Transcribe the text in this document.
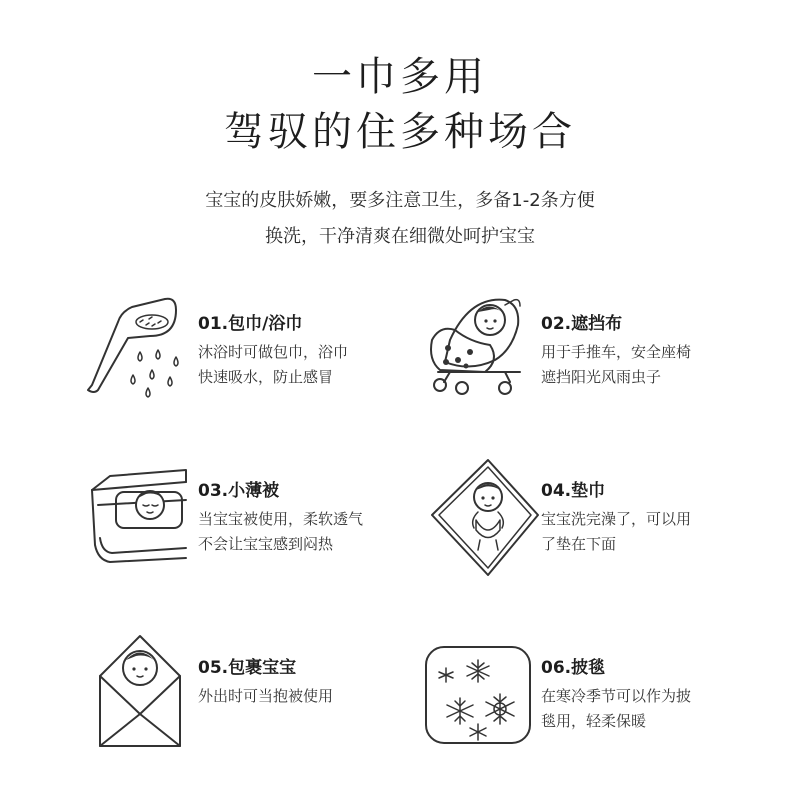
一巾多用
驾驭的住多种场合
宝宝的皮肤娇嫩，要多注意卫生，多备1-2条方便
换洗，干净清爽在细微处呵护宝宝
01.包巾/浴巾
沐浴时可做包巾，浴巾
快速吸水，防止感冒
02.遮挡布
用于手推车，安全座椅
遮挡阳光风雨虫子
03.小薄被
当宝宝被使用，柔软透气
不会让宝宝感到闷热
04.垫巾
宝宝洗完澡了，可以用
了垫在下面
05.包裹宝宝
外出时可当抱被使用
06.披毯
在寒冷季节可以作为披
毯用，轻柔保暖
